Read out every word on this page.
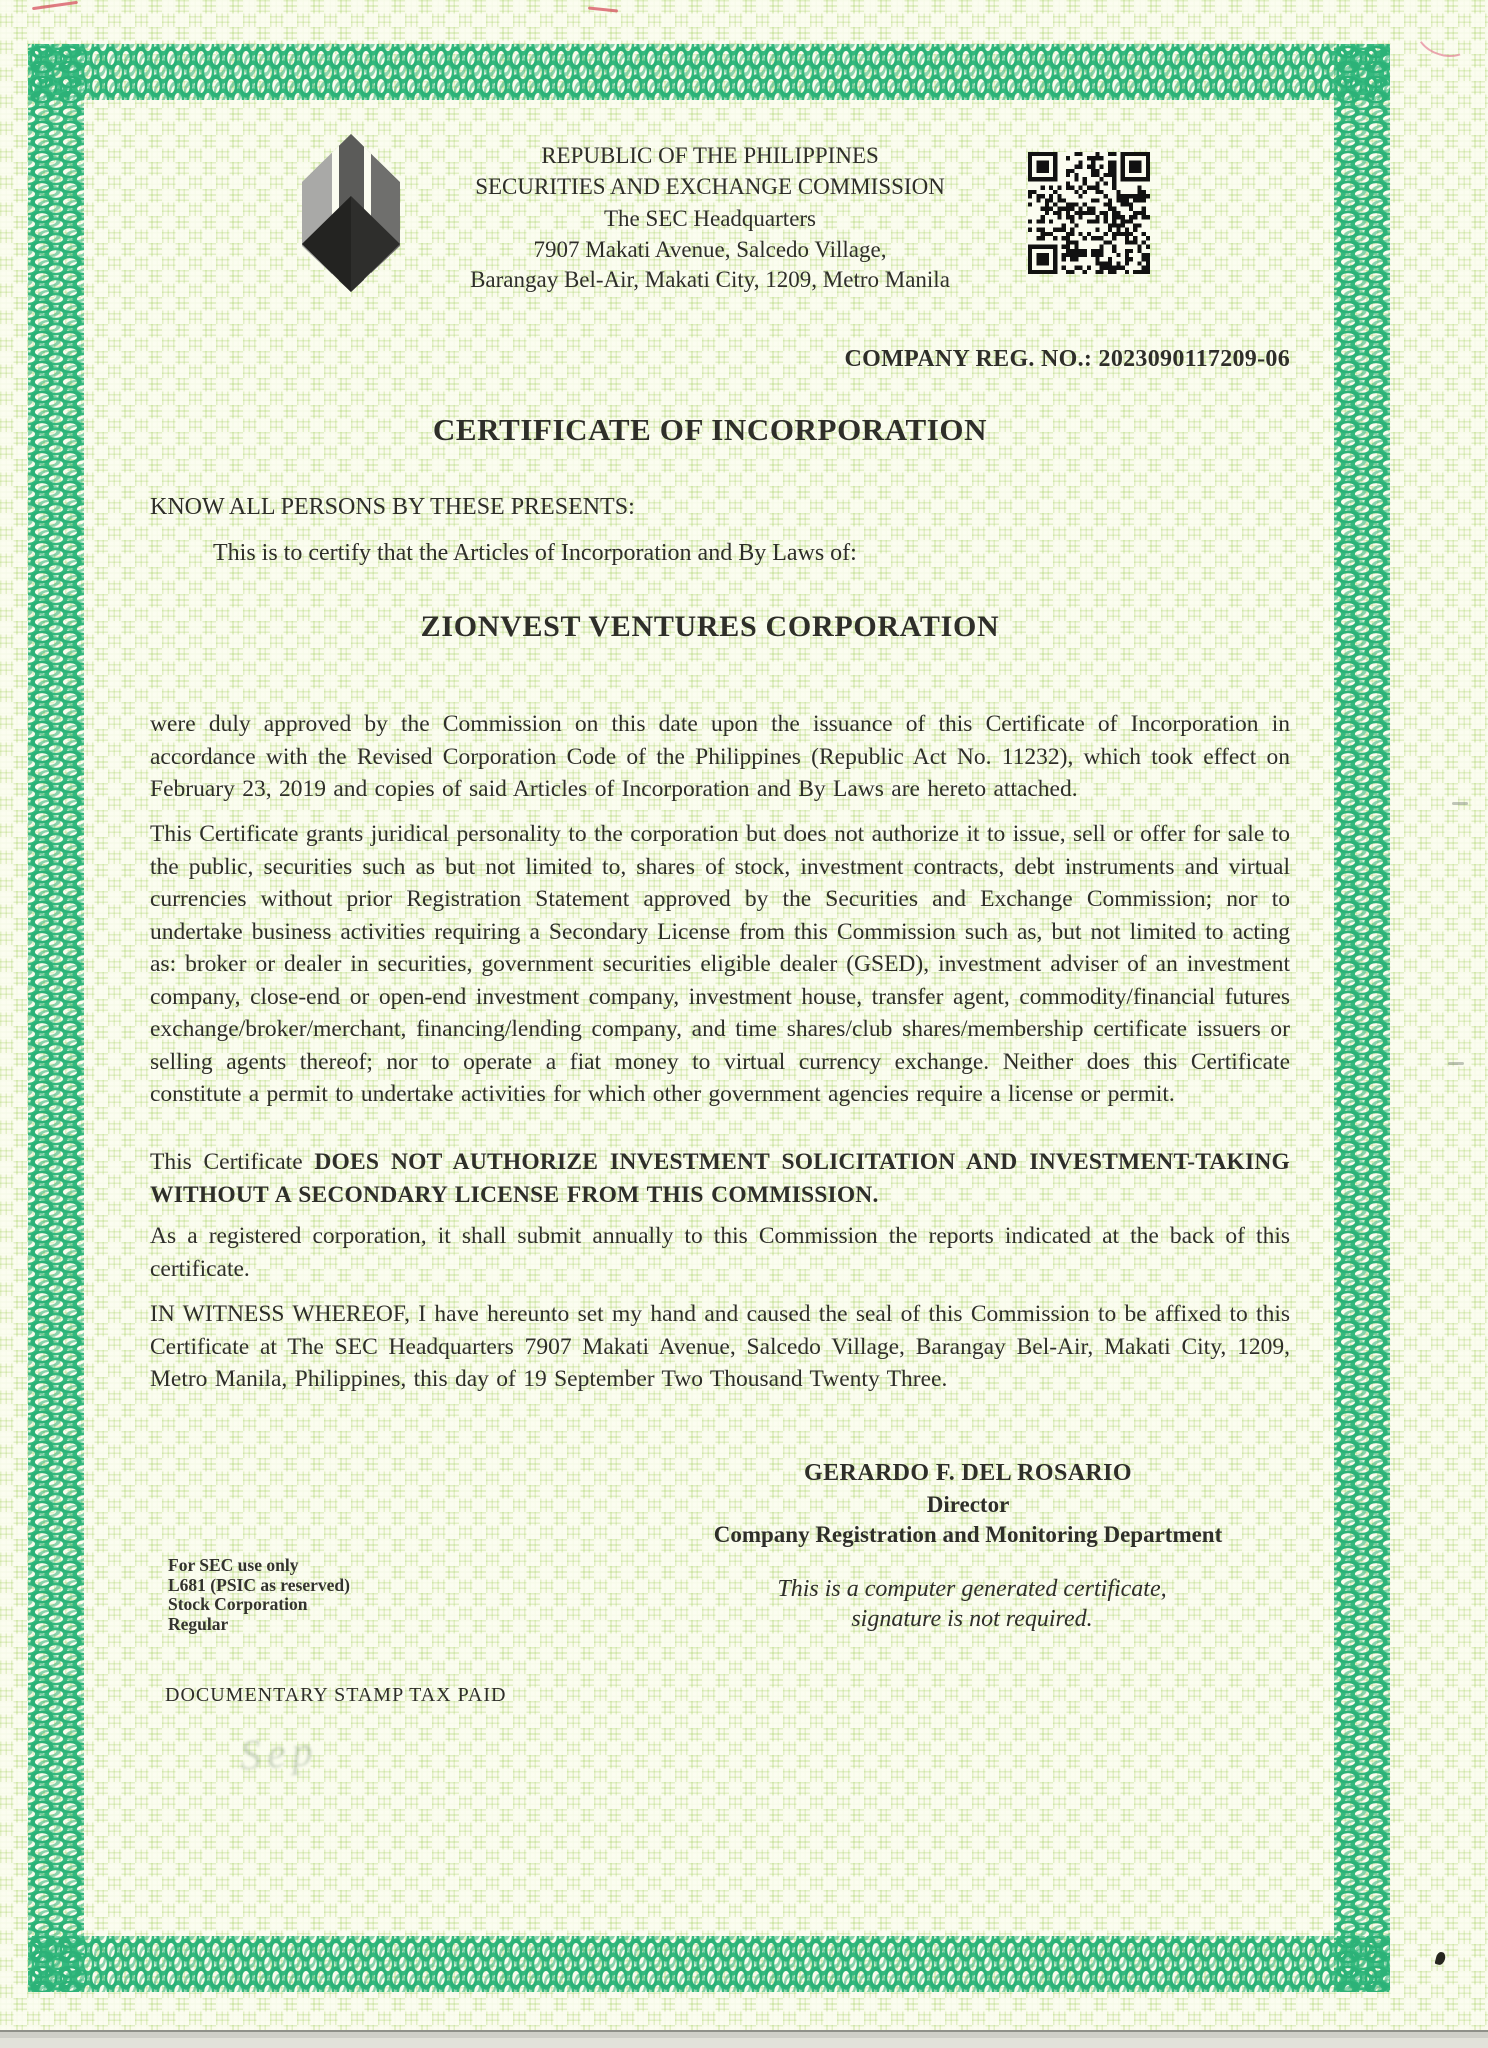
REPUBLIC OF THE PHILIPPINES
SECURITIES AND EXCHANGE COMMISSION
The SEC Headquarters
7907 Makati Avenue, Salcedo Village,
Barangay Bel-Air, Makati City, 1209, Metro Manila
COMPANY REG. NO.: 2023090117209-06
CERTIFICATE OF INCORPORATION
KNOW ALL PERSONS BY THESE PRESENTS:
This is to certify that the Articles of Incorporation and By Laws of:
ZIONVEST VENTURES CORPORATION
were duly approved by the Commission on this date upon the issuance of this Certificate of Incorporation in accordance with the Revised Corporation Code of the Philippines (Republic Act No. 11232), which took effect on February 23, 2019 and copies of said Articles of Incorporation and By Laws are hereto attached.
This Certificate grants juridical personality to the corporation but does not authorize it to issue, sell or offer for sale to the public, securities such as but not limited to, shares of stock, investment contracts, debt instruments and virtual currencies without prior Registration Statement approved by the Securities and Exchange Commission; nor to undertake business activities requiring a Secondary License from this Commission such as, but not limited to acting as: broker or dealer in securities, government securities eligible dealer (GSED), investment adviser of an investment company, close-end or open-end investment company, investment house, transfer agent, commodity/financial futures exchange/broker/merchant, financing/lending company, and time shares/club shares/membership certificate issuers or selling agents thereof; nor to operate a fiat money to virtual currency exchange. Neither does this Certificate constitute a permit to undertake activities for which other government agencies require a license or permit.
This Certificate DOES NOT AUTHORIZE INVESTMENT SOLICITATION AND INVESTMENT-TAKING WITHOUT A SECONDARY LICENSE FROM THIS COMMISSION.
As a registered corporation, it shall submit annually to this Commission the reports indicated at the back of this certificate.
IN WITNESS WHEREOF, I have hereunto set my hand and caused the seal of this Commission to be affixed to this Certificate at The SEC Headquarters 7907 Makati Avenue, Salcedo Village, Barangay Bel-Air, Makati City, 1209, Metro Manila, Philippines, this day of 19 September Two Thousand Twenty Three.
GERARDO F. DEL ROSARIO
Director
Company Registration and Monitoring Department
This is a computer generated certificate,
signature is not required.
For SEC use only
L681 (PSIC as reserved)
Stock Corporation
Regular
DOCUMENTARY STAMP TAX PAID
Sep
